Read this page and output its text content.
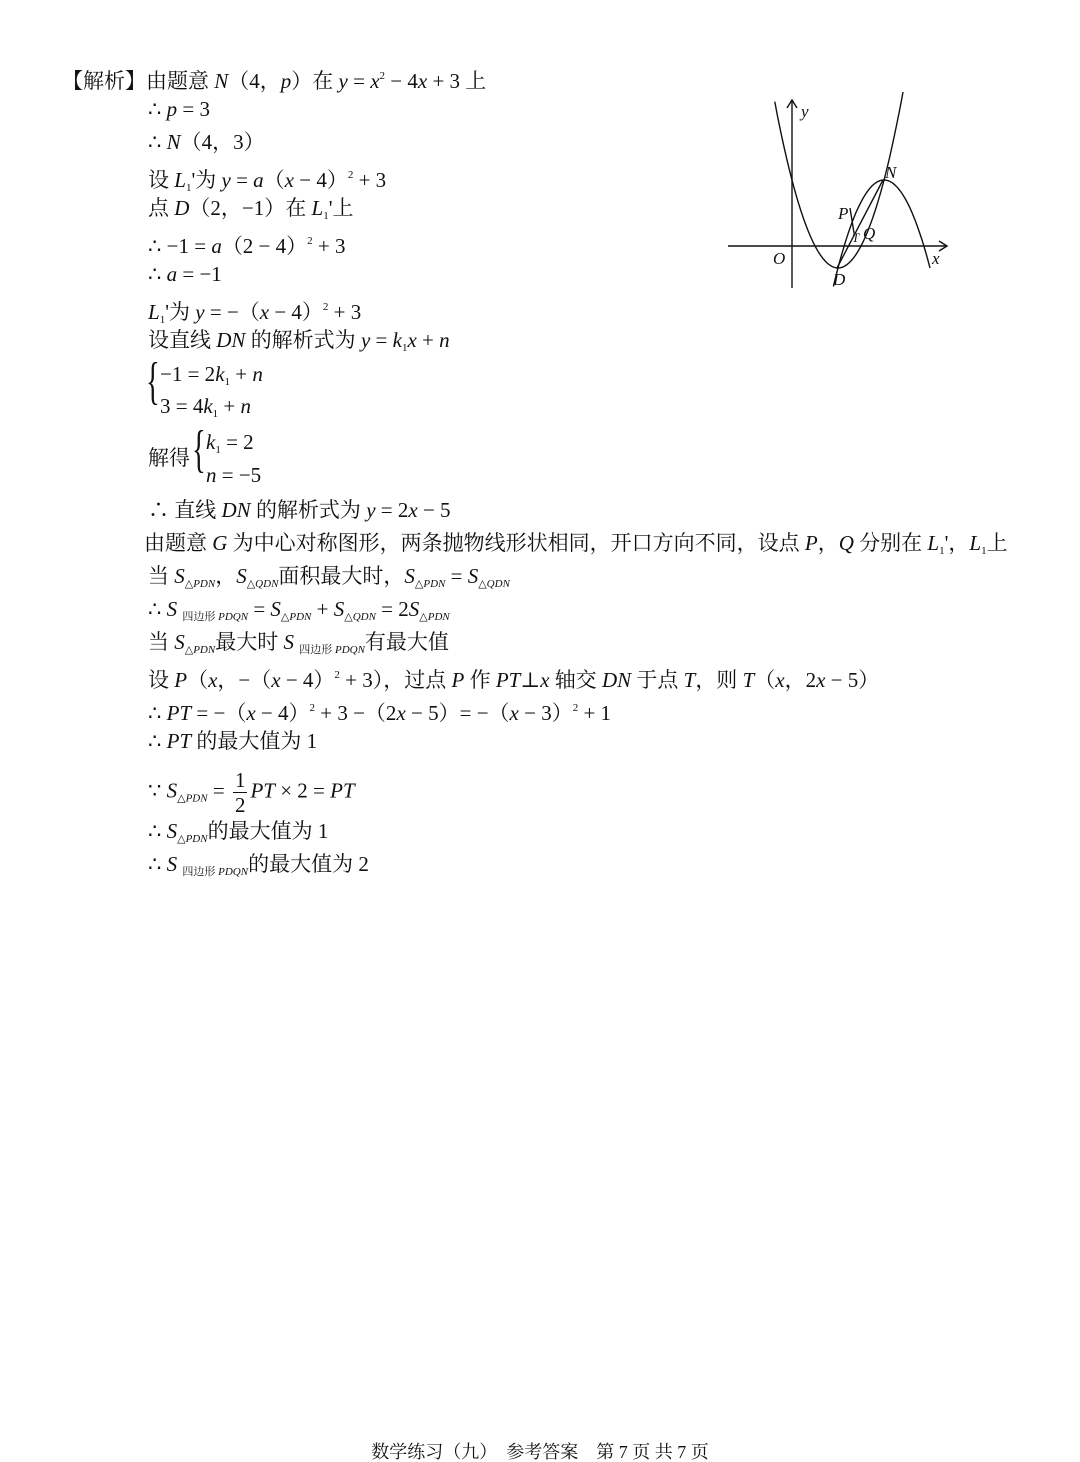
【解析】由题意 N（4，p）在 $y = x^2 - 4x + 3$ 上
∴ p = 3
∴ N（4，3）
设 L1'为 $y = a(x - 4)^2 + 3$
点 D（2，−1）在 L1'上
∴ $-1 = a(2 - 4)^2 + 3$
∴ a = −1
L1'为 $y = -(x - 4)^2 + 3$
设直线 DN 的解析式为 y = k1x + n
{ −1 = 2k1 + n
3 = 4k1 + n
解得 { k1 = 2
n = −5
∴ 直线 DN 的解析式为 y = 2x − 5
由题意 G 为中心对称图形，两条抛物线形状相同，开口方向不同，设点 P，Q 分别在 L1'，L1上
当 $S_{\triangle PDN}$，$S_{\triangle QDN}$面积最大时，$S_{\triangle PDN} = S_{\triangle QDN}$
∴ S 四边形 $_{PDQN} = S_{\triangle PDN} + S_{\triangle QDN} = 2S_{\triangle PDN}$
当 $S_{\triangle PDN}$最大时 S 四边形 $_{PDQN}$有最大值
设 P（x，$-(x - 4)^2 + 3$），过点 P 作 PT⊥x 轴交 DN 于点 T，则 T（x，2x − 5）
∴ PT = $-(x - 4)^2 + 3 -(2x - 5)= -(x - 3)^2 + 1$
∴ PT 的最大值为 1
∵ $S_{\triangle PDN} = \frac{1}{2}$ PT × 2 = PT
∴ $S_{\triangle PDN}$的最大值为 1
∴ S 四边形 $_{PDQN}$的最大值为 2
y
x
O
N
P
Q
T
D
数学练习（九）　参考答案　第 7 页 共 7 页
